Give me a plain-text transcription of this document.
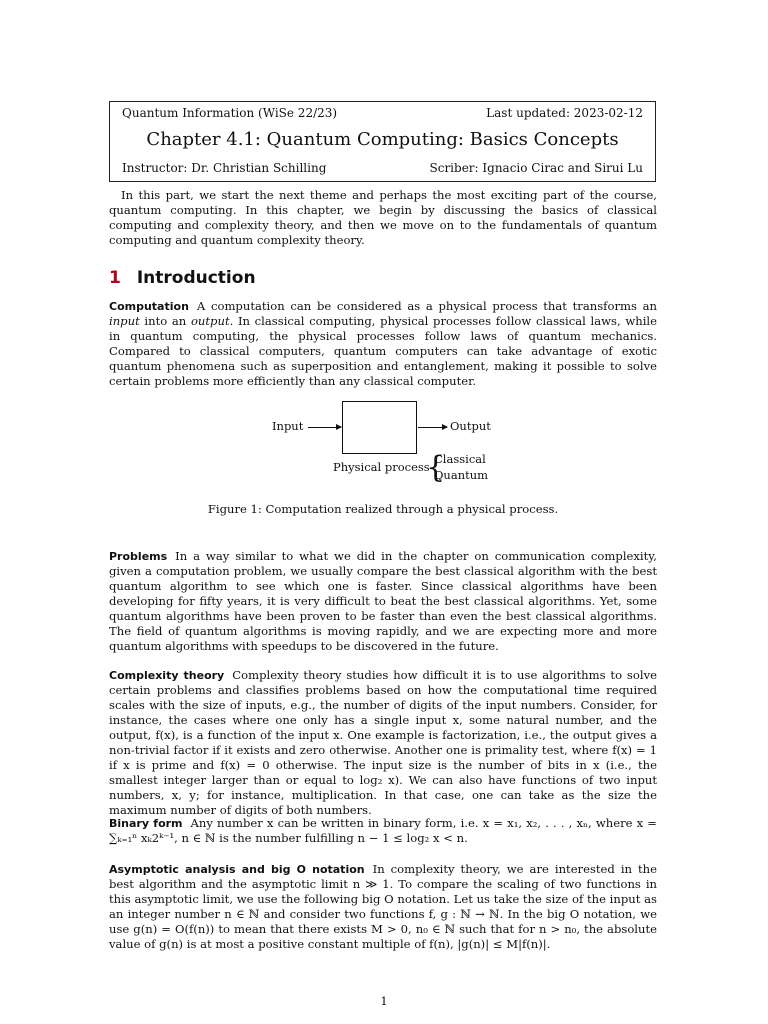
Quantum Information (WiSe 22/23)	Last updated: 2023-02-12
Chapter 4.1: Quantum Computing: Basics Concepts
Instructor: Dr. Christian Schilling	Scriber: Ignacio Cirac and Sirui Lu
In this part, we start the next theme and perhaps the most exciting part of the course, quantum computing. In this chapter, we begin by discussing the basics of classical computing and complexity theory, and then we move on to the fundamentals of quantum computing and quantum complexity theory.
1 Introduction
Computation A computation can be considered as a physical process that transforms an input into an output. In classical computing, physical processes follow classical laws, while in quantum computing, the physical processes follow laws of quantum mechanics. Compared to classical computers, quantum computers can take advantage of exotic quantum phenomena such as superposition and entanglement, making it possible to solve certain problems more efficiently than any classical computer.
Input	Output
Physical process
{
Classical
Quantum
Figure 1: Computation realized through a physical process.
Problems In a way similar to what we did in the chapter on communication complexity, given a computation problem, we usually compare the best classical algorithm with the best quantum algorithm to see which one is faster. Since classical algorithms have been developing for fifty years, it is very difficult to beat the best classical algorithms. Yet, some quantum algorithms have been proven to be faster than even the best classical algorithms. The field of quantum algorithms is moving rapidly, and we are expecting more and more quantum algorithms with speedups to be discovered in the future.
Complexity theory Complexity theory studies how difficult it is to use algorithms to solve certain problems and classifies problems based on how the computational time required scales with the size of inputs, e.g., the number of digits of the input numbers. Consider, for instance, the cases where one only has a single input x, some natural number, and the output, f(x), is a function of the input x. One example is factorization, i.e., the output gives a non-trivial factor if it exists and zero otherwise. Another one is primality test, where f(x) = 1 if x is prime and f(x) = 0 otherwise. The input size is the number of bits in x (i.e., the smallest integer larger than or equal to log₂ x). We can also have functions of two input numbers, x, y; for instance, multiplication. In that case, one can take as the size the maximum number of digits of both numbers.
Binary form Any number x can be written in binary form, i.e. x = x₁, x₂, . . . , xₙ, where x = ∑ₖ₌₁ⁿ xₖ2ᵏ⁻¹, n ∈ ℕ is the number fulfilling n − 1 ≤ log₂ x < n.
Asymptotic analysis and big O notation In complexity theory, we are interested in the best algorithm and the asymptotic limit n ≫ 1. To compare the scaling of two functions in this asymptotic limit, we use the following big O notation. Let us take the size of the input as an integer number n ∈ ℕ and consider two functions f, g : ℕ → ℕ. In the big O notation, we use g(n) = O(f(n)) to mean that there exists M > 0, n₀ ∈ ℕ such that for n > n₀, the absolute value of g(n) is at most a positive constant multiple of f(n), |g(n)| ≤ M|f(n)|.
1
